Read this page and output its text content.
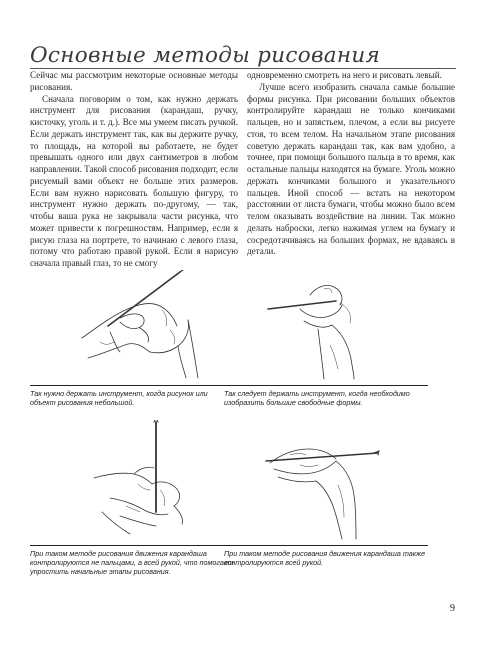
Основные методы рисования

Сейчас мы рассмотрим некоторые основные методы рисования.

Сначала поговорим о том, как нужно держать инструмент для рисования (карандаш, ручку, кисточку, уголь и т. д.). Все мы умеем писать ручкой. Если держать инструмент так, как вы держите ручку, то площадь, на которой вы работаете, не будет превышать одного или двух сантиметров в любом направлении. Такой способ рисования подходит, если рисуемый вами объект не больше этих размеров. Если вам нужно нарисовать большую фигуру, то инструмент нужно держать по-другому, — так, чтобы ваша рука не закрывала части рисунка, что может привести к погрешностям. Например, если я рисую глаза на портрете, то начинаю с левого глаза, потому что работаю правой рукой. Если я нарисую сначала правый глаз, то не смогу

одновременно смотреть на него и рисовать левый.

Лучше всего изобразить сначала самые большие формы рисунка. При рисовании больших объектов контролируйте карандаш не только кончиками пальцев, но и запястьем, плечом, а если вы рисуете стоя, то всем телом. На начальном этапе рисования советую держать карандаш так, как вам удобно, а точнее, при помощи большого пальца в то время, как остальные пальцы находятся на бумаге. Уголь можно держать кончиками большого и указательного пальцев. Иной способ — встать на некотором расстоянии от листа бумаги, чтобы можно было всем телом оказывать воздействие на линии. Так можно делать наброски, легко нажимая углем на бумагу и сосредотачиваясь на больших формах, не вдаваясь в детали.

Так нужно держать инструмент, когда рисунок или объект рисования небольшой.
Так следует держать инструмент, когда необходимо изобразить большие свободные формы.
При таком методе рисования движения карандаша контролируются не пальцами, а всей рукой, что помогает упростить начальные этапы рисования.
При таком методе рисования движения карандаша также контролируются всей рукой.
9
